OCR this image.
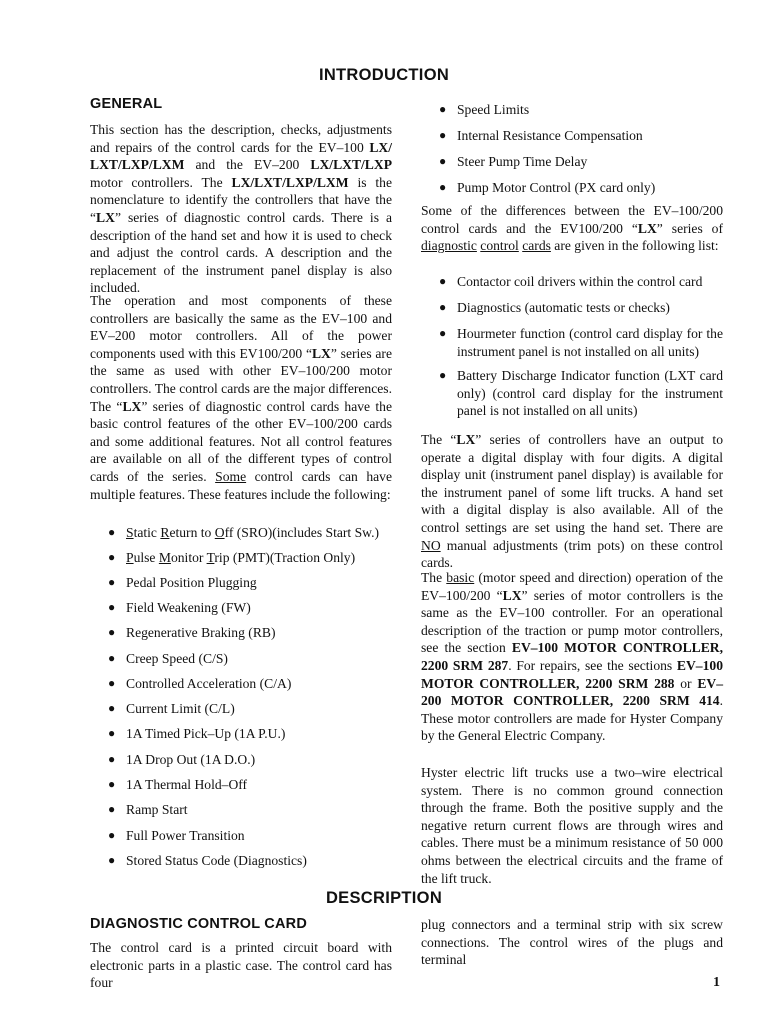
INTRODUCTION
GENERAL

This section has the description, checks, adjustments and repairs of the control cards for the EV–100 LX/ LXT/LXP/LXM and the EV–200 LX/LXT/LXP motor controllers. The LX/LXT/LXP/LXM is the nomenclature to identify the controllers that have the “LX” series of diagnostic control cards. There is a description of the hand set and how it is used to check and adjust the control cards. A description and the replacement of the instrument panel display is also included.

The operation and most components of these controllers are basically the same as the EV–100 and EV–200 motor controllers. All of the power components used with this EV100/200 “LX” series are the same as used with other EV–100/200 motor controllers. The control cards are the major differences. The “LX” series of diagnostic control cards have the basic control features of the other EV–100/200 cards and some additional features. Not all control features are available on all of the different types of control cards of the series. Some control cards can have multiple features. These features include the following:

● Static Return to Off (SRO)(includes Start Sw.)
● Pulse Monitor Trip (PMT)(Traction Only)
● Pedal Position Plugging
● Field Weakening (FW)
● Regenerative Braking (RB)
● Creep Speed (C/S)
● Controlled Acceleration (C/A)
● Current Limit (C/L)
● 1A Timed Pick–Up (1A P.U.)
● 1A Drop Out (1A D.O.)
● 1A Thermal Hold–Off
● Ramp Start
● Full Power Transition
● Stored Status Code (Diagnostics)
● Speed Limits
● Internal Resistance Compensation
● Steer Pump Time Delay
● Pump Motor Control (PX card only)

Some of the differences between the EV–100/200 control cards and the EV100/200 “LX” series of diagnostic control cards are given in the following list:

● Contactor coil drivers within the control card
● Diagnostics (automatic tests or checks)
● Hourmeter function (control card display for the instrument panel is not installed on all units)
● Battery Discharge Indicator function (LXT card only) (control card display for the instrument panel is not installed on all units)

The “LX” series of controllers have an output to operate a digital display with four digits. A digital display unit (instrument panel display) is available for the instrument panel of some lift trucks. A hand set with a digital display is also available. All of the control settings are set using the hand set. There are NO manual adjustments (trim pots) on these control cards.

The basic (motor speed and direction) operation of the EV–100/200 “LX” series of motor controllers is the same as the EV–100 controller. For an operational description of the traction or pump motor controllers, see the section EV–100 MOTOR CONTROLLER, 2200 SRM 287. For repairs, see the sections EV–100 MOTOR CONTROLLER, 2200 SRM 288 or EV–200 MOTOR CONTROLLER, 2200 SRM 414. These motor controllers are made for Hyster Company by the General Electric Company.

Hyster electric lift trucks use a two–wire electrical system. There is no common ground connection through the frame. Both the positive supply and the negative return current flows are through wires and cables. There must be a minimum resistance of 50 000 ohms between the electrical circuits and the frame of the lift truck.

DESCRIPTION
DIAGNOSTIC CONTROL CARD

The control card is a printed circuit board with electronic parts in a plastic case. The control card has four

plug connectors and a terminal strip with six screw connections. The control wires of the plugs and terminal

1
